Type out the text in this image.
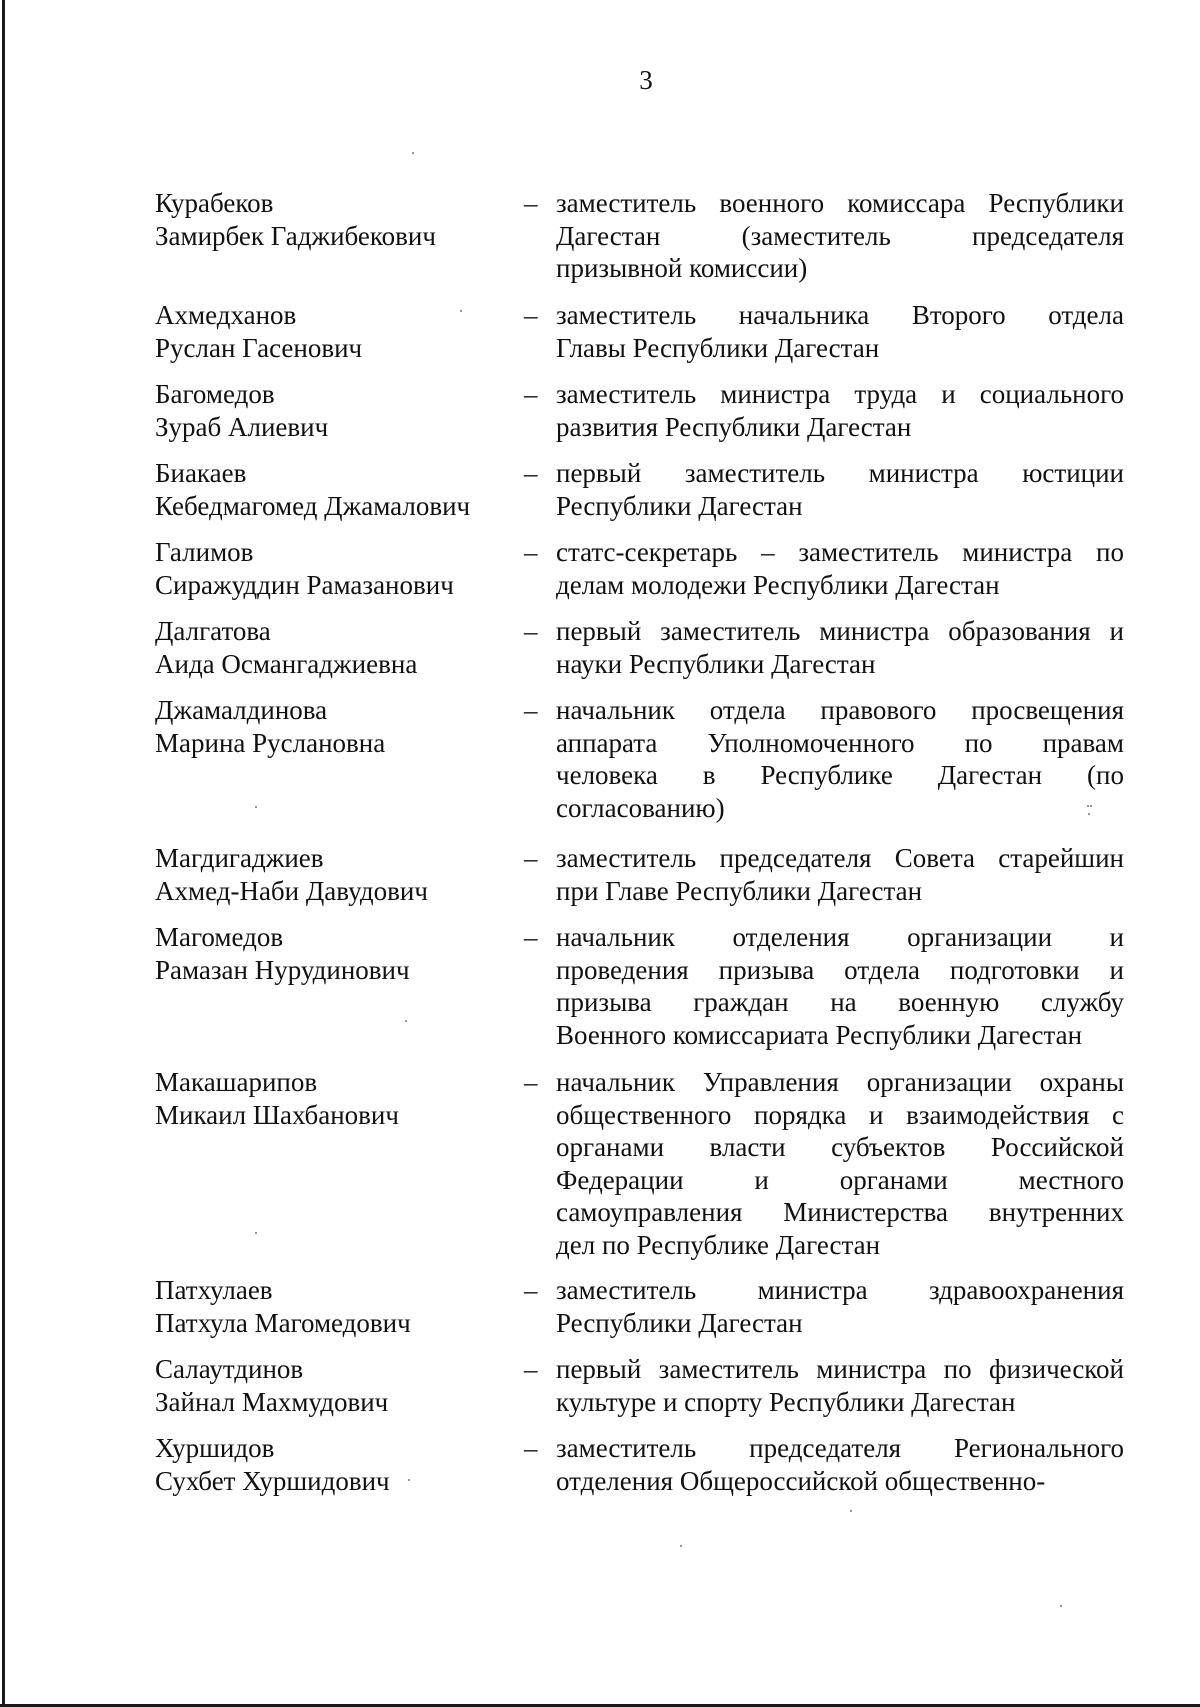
3
Курабеков
Замирбек Гаджибекович
– заместитель военного комиссара Республики
Дагестан (заместитель председателя
призывной комиссии)
Ахмедханов
Руслан Гасенович
– заместитель начальника Второго отдела
Главы Республики Дагестан
Багомедов
Зураб Алиевич
– заместитель министра труда и социального
развития Республики Дагестан
Биакаев
Кебедмагомед Джамалович
– первый заместитель министра юстиции
Республики Дагестан
Галимов
Сиражуддин Рамазанович
– статс-секретарь – заместитель министра по
делам молодежи Республики Дагестан
Далгатова
Аида Османгаджиевна
– первый заместитель министра образования и
науки Республики Дагестан
Джамалдинова
Марина Руслановна
– начальник отдела правового просвещения
аппарата Уполномоченного по правам
человека в Республике Дагестан (по
согласованию)
Магдигаджиев
Ахмед-Наби Давудович
– заместитель председателя Совета старейшин
при Главе Республики Дагестан
Магомедов
Рамазан Нурудинович
– начальник отделения организации и
проведения призыва отдела подготовки и
призыва граждан на военную службу
Военного комиссариата Республики Дагестан
Макашарипов
Микаил Шахбанович
– начальник Управления организации охраны
общественного порядка и взаимодействия с
органами власти субъектов Российской
Федерации и органами местного
самоуправления Министерства внутренних
дел по Республике Дагестан
Патхулаев
Патхула Магомедович
– заместитель министра здравоохранения
Республики Дагестан
Салаутдинов
Зайнал Махмудович
– первый заместитель министра по физической
культуре и спорту Республики Дагестан
Хуршидов
Сухбет Хуршидович
– заместитель председателя Регионального
отделения Общероссийской общественно-
